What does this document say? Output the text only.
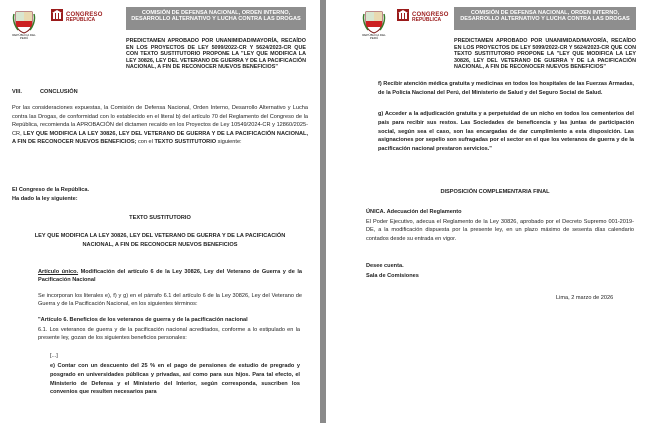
REPÚBLICA DEL PERÚ
CONGRESO
REPÚBLICA
COMISIÓN DE DEFENSA NACIONAL, ORDEN INTERNO,
DESARROLLO ALTERNATIVO Y LUCHA CONTRA LAS DROGAS
PREDICTAMEN APROBADO POR UNANIMIDAD/MAYORÍA, RECAÍDO EN LOS PROYECTOS DE LEY 5099/2022-CR Y 5624/2023-CR QUE CON TEXTO SUSTITUTORIO PROPONE LA "LEY QUE MODIFICA LA LEY 30826, LEY DEL VETERANO DE GUERRA Y DE LA PACIFICACIÓN NACIONAL, A FIN DE RECONOCER NUEVOS BENEFICIOS"
VIII.	CONCLUSIÓN
Por las consideraciones expuestas, la Comisión de Defensa Nacional, Orden Interno, Desarrollo Alternativo y Lucha contra las Drogas, de conformidad con lo establecido en el literal b) del artículo 70 del Reglamento del Congreso de la República, recomienda la APROBACIÓN del dictamen recaído en los Proyectos de Ley 10549/2024-CR y 12860/2025-CR, LEY QUE MODIFICA LA LEY 30826, LEY DEL VETERANO DE GUERRA Y DE LA PACIFICACIÓN NACIONAL, A FIN DE RECONOCER NUEVOS BENEFICIOS; con el TEXTO SUSTITUTORIO siguiente:
El Congreso de la República.
Ha dado la ley siguiente:
TEXTO SUSTITUTORIO
LEY QUE MODIFICA LA LEY 30826, LEY DEL VETERANO DE GUERRA Y DE LA PACIFICACIÓN NACIONAL, A FIN DE RECONOCER NUEVOS BENEFICIOS
Artículo único. Modificación del artículo 6 de la Ley 30826, Ley del Veterano de Guerra y de la Pacificación Nacional
Se incorporan los literales e), f) y g) en el párrafo 6.1 del artículo 6 de la Ley 30826, Ley del Veterano de Guerra y de la Pacificación Nacional, en los siguientes términos:
"Artículo 6. Beneficios de los veteranos de guerra y de la pacificación nacional
6.1. Los veteranos de guerra y de la pacificación nacional acreditados, conforme a lo estipulado en la presente ley, gozan de los siguientes beneficios personales:
[...]
e) Contar con un descuento del 25 % en el pago de pensiones de estudio de pregrado y posgrado en universidades públicas y privadas, así como para sus hijos. Para tal efecto, el Ministerio de Defensa y el Ministerio del Interior, según corresponda, suscriben los convenios que resulten necesarios para
REPÚBLICA DEL PERÚ
CONGRESO
REPÚBLICA
COMISIÓN DE DEFENSA NACIONAL, ORDEN INTERNO,
DESARROLLO ALTERNATIVO Y LUCHA CONTRA LAS DROGAS
PREDICTAMEN APROBADO POR UNANIMIDAD/MAYORÍA, RECAÍDO EN LOS PROYECTOS DE LEY 5099/2022-CR Y 5624/2023-CR QUE CON TEXTO SUSTITUTORIO PROPONE LA "LEY QUE MODIFICA LA LEY 30826, LEY DEL VETERANO DE GUERRA Y DE LA PACIFICACIÓN NACIONAL, A FIN DE RECONOCER NUEVOS BENEFICIOS"
f) Recibir atención médica gratuita y medicinas en todos los hospitales de las Fuerzas Armadas, de la Policía Nacional del Perú, del Ministerio de Salud y del Seguro Social de Salud.
g) Acceder a la adjudicación gratuita y a perpetuidad de un nicho en todos los cementerios del país para recibir sus restos. Las Sociedades de beneficencia y las juntas de participación social, según sea el caso, son las encargadas de dar cumplimiento a esta disposición. Las asignaciones por sepelio son sufragadas por el sector en el que los veteranos de guerra y de la pacificación nacional prestaron servicios."
DISPOSICIÓN COMPLEMENTARIA FINAL
ÚNICA. Adecuación del Reglamento
El Poder Ejecutivo, adecua el Reglamento de la Ley 30826, aprobado por el Decreto Supremo 001-2019-DE, a la modificación dispuesta por la presente ley, en un plazo máximo de sesenta días calendario contados desde su entrada en vigor.
Desee cuenta.
Sala de Comisiones
Lima, 2 marzo de 2026
